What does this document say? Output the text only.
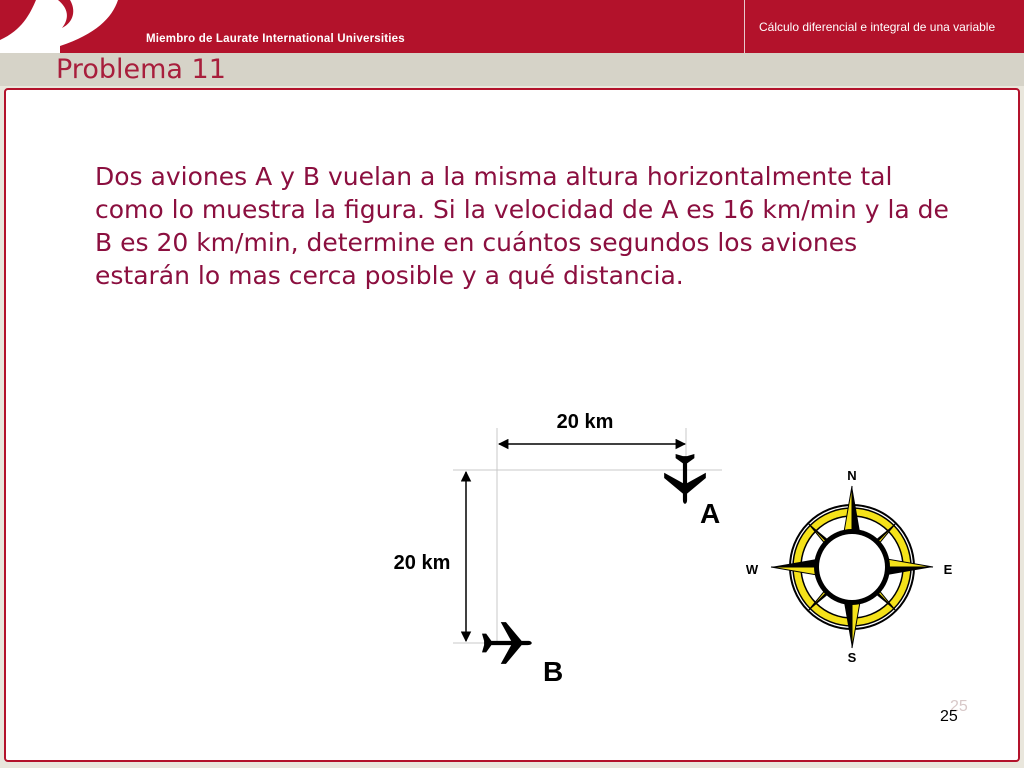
Miembro de Laurate International Universities
Cálculo diferencial e integral de una variable
Problema 11

Dos aviones A y B vuelan a la misma altura horizontalmente tal como lo muestra la figura. Si la velocidad de A es 16 km/min y la de B es 20 km/min, determine en cuántos segundos los aviones estarán lo mas cerca posible y a qué distancia.

20 km
20 km
A
B
N
S
E
W
25
25
